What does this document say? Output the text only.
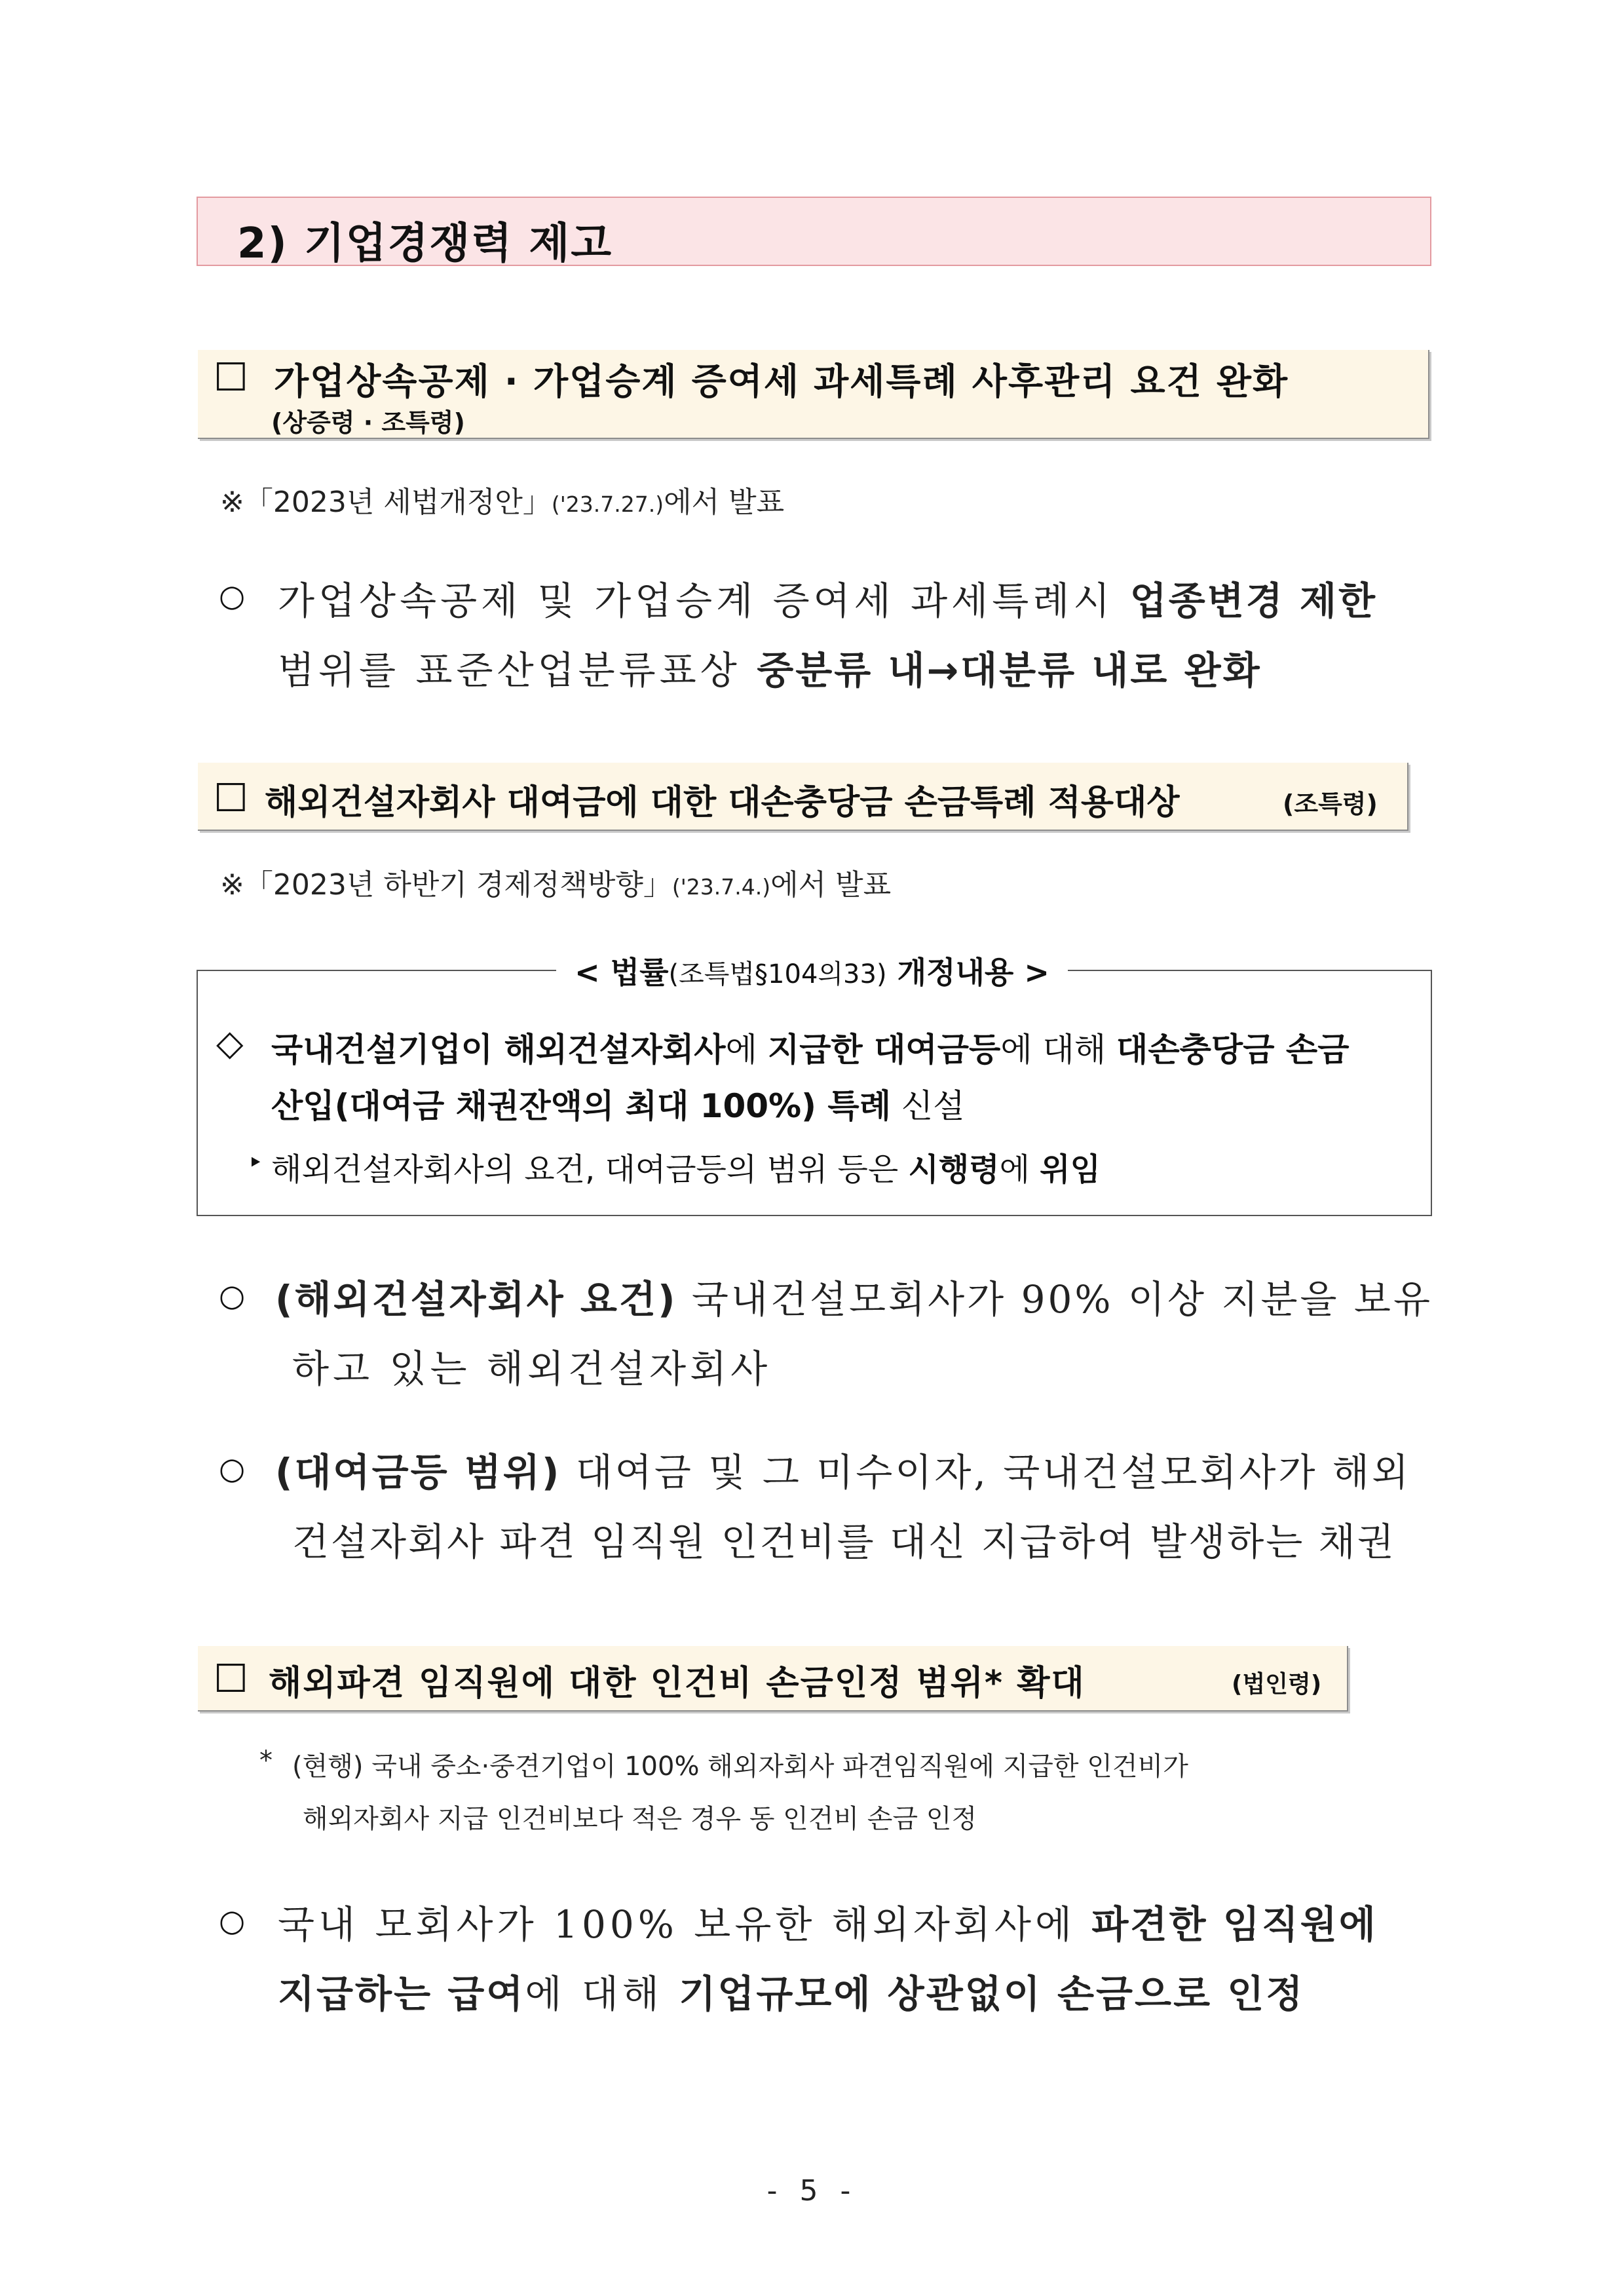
2) 기업경쟁력 제고
□ 가업상속공제 · 가업승계 증여세 과세특례 사후관리 요건 완화
(상증령 · 조특령)
※「2023년 세법개정안」('23.7.27.)에서 발표
○ 가업상속공제 및 가업승계 증여세 과세특례시 업종변경 제한
범위를 표준산업분류표상 중분류 내→대분류 내로 완화
□ 해외건설자회사 대여금에 대한 대손충당금 손금특례 적용대상	(조특령)
※「2023년 하반기 경제정책방향」('23.7.4.)에서 발표
< 법률(조특법§104의33) 개정내용 >
◇ 국내건설기업이 해외건설자회사에 지급한 대여금등에 대해 대손충당금 손금
산입(대여금 채권잔액의 최대 100%) 특례 신설
‣ 해외건설자회사의 요건, 대여금등의 범위 등은 시행령에 위임
○ (해외건설자회사 요건) 국내건설모회사가 90% 이상 지분을 보유
하고 있는 해외건설자회사
○ (대여금등 범위) 대여금 및 그 미수이자, 국내건설모회사가 해외
건설자회사 파견 임직원 인건비를 대신 지급하여 발생하는 채권
□ 해외파견 임직원에 대한 인건비 손금인정 범위* 확대	(법인령)
* (현행) 국내 중소·중견기업이 100% 해외자회사 파견임직원에 지급한 인건비가
해외자회사 지급 인건비보다 적은 경우 동 인건비 손금 인정
○ 국내 모회사가 100% 보유한 해외자회사에 파견한 임직원에
지급하는 급여에 대해 기업규모에 상관없이 손금으로 인정
- 5 -
